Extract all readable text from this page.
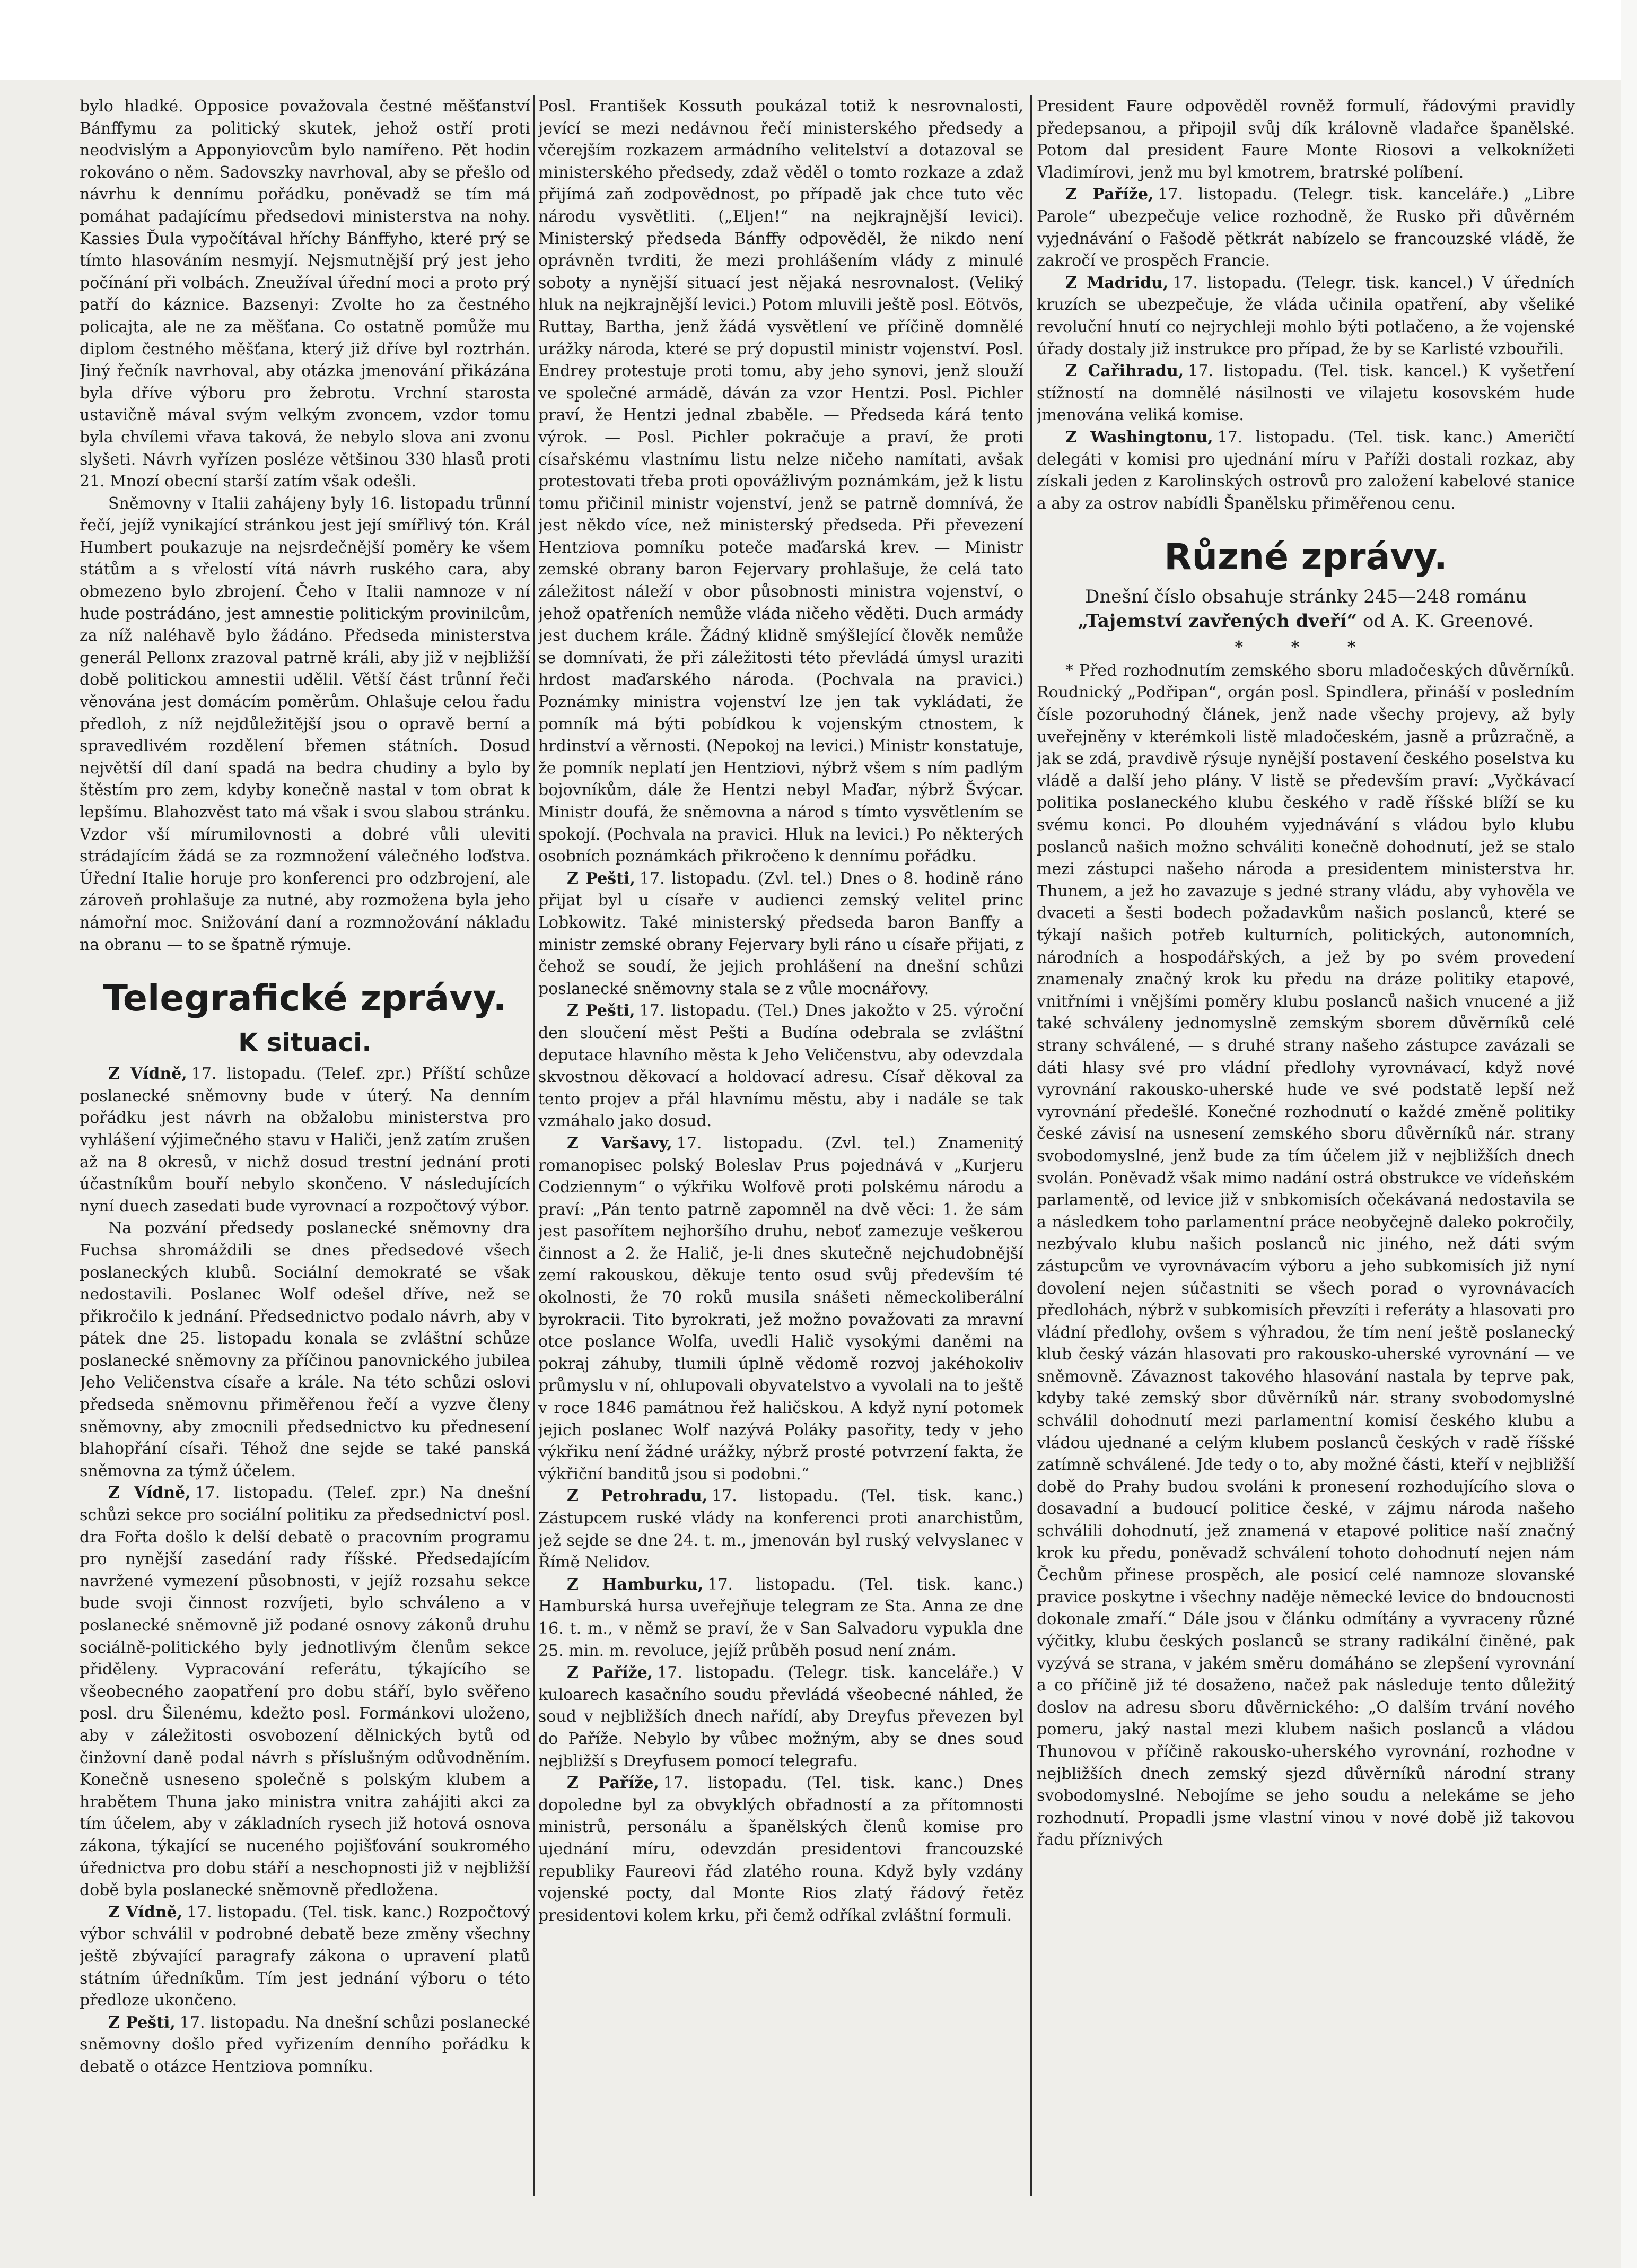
bylo hladké. Opposice považovala čestné měšťanství Bánffymu za politický skutek, jehož ostří proti neodvislým a Apponyiovcům bylo namířeno. Pět hodin rokováno o něm. Sadovszky navrhoval, aby se přešlo od návrhu k dennímu pořádku, poněvadž se tím má pomáhat padajícímu předsedovi ministerstva na nohy. Kassies Ďula vypočítával hříchy Bánffyho, které prý se tímto hlasováním nesmyjí. Nejsmutnější prý jest jeho počínání při volbách. Zneužíval úřední moci a proto prý patří do káznice. Bazsenyi: Zvolte ho za čestného policajta, ale ne za měšťana. Co ostatně pomůže mu diplom čestného měšťana, který již dříve byl roztrhán. Jiný řečník navrhoval, aby otázka jmenování přikázána byla dříve výboru pro žebrotu. Vrchní starosta ustavičně mával svým velkým zvoncem, vzdor tomu byla chvílemi vřava taková, že nebylo slova ani zvonu slyšeti. Návrh vyřízen posléze většinou 330 hlasů proti 21. Mnozí obecní starší zatím však odešli.

Sněmovny v Italii zahájeny byly 16. listopadu trůnní řečí, jejíž vynikající stránkou jest její smířlivý tón. Král Humbert poukazuje na nejsrdečnější poměry ke všem státům a s vřelostí vítá návrh ruského cara, aby obmezeno bylo zbrojení. Čeho v Italii namnoze v ní hude postrádáno, jest amnestie politickým provinilcům, za níž naléhavě bylo žádáno. Předseda ministerstva generál Pellonx zrazoval patrně králi, aby již v nejbližší době politickou amnestii udělil. Větší část trůnní řeči věnována jest domácím poměrům. Ohlašuje celou řadu předloh, z níž nejdůležitější jsou o opravě berní a spravedlivém rozdělení břemen státních. Dosud největší díl daní spadá na bedra chudiny a bylo by štěstím pro zem, kdyby konečně nastal v tom obrat k lepšímu. Blahozvěst tato má však i svou slabou stránku. Vzdor vší mírumilovnosti a dobré vůli uleviti strádajícím žádá se za rozmnožení válečného loďstva. Úřední Italie horuje pro konferenci pro odzbrojení, ale zároveň prohlašuje za nutné, aby rozmožena byla jeho námořní moc. Snižování daní a rozmnožování nákladu na obranu — to se špatně rýmuje.

Telegrafické zprávy.
K situaci.

Z Vídně, 17. listopadu. (Telef. zpr.) Příští schůze poslanecké sněmovny bude v úterý. Na denním pořádku jest návrh na obžalobu ministerstva pro vyhlášení výjimečného stavu v Haliči, jenž zatím zrušen až na 8 okresů, v nichž dosud trestní jednání proti účastníkům bouří nebylo skončeno. V následujících nyní duech zasedati bude vyrovnací a rozpočtový výbor.

Na pozvání předsedy poslanecké sněmovny dra Fuchsa shromáždili se dnes předsedové všech poslaneckých klubů. Sociální demokraté se však nedostavili. Poslanec Wolf odešel dříve, než se přikročilo k jednání. Předsednictvo podalo návrh, aby v pátek dne 25. listopadu konala se zvláštní schůze poslanecké sněmovny za příčinou panovnického jubilea Jeho Veličenstva císaře a krále. Na této schůzi oslovi předseda sněmovnu přiměřenou řečí a vyzve členy sněmovny, aby zmocnili předsednictvo ku přednesení blahopřání císaři. Téhož dne sejde se také panská sněmovna za týmž účelem.

Z Vídně, 17. listopadu. (Telef. zpr.) Na dnešní schůzi sekce pro sociální politiku za předsednictví posl. dra Fořta došlo k delší debatě o pracovním programu pro nynější zasedání rady říšské. Předsedajícím navržené vymezení působnosti, v jejíž rozsahu sekce bude svoji činnost rozvíjeti, bylo schváleno a v poslanecké sněmovně již podané osnovy zákonů druhu sociálně-politického byly jednotlivým členům sekce přiděleny. Vypracování referátu, týkajícího se všeobecného zaopatření pro dobu stáří, bylo svěřeno posl. dru Šilenému, kdežto posl. Formánkovi uloženo, aby v záležitosti osvobození dělnických bytů od činžovní daně podal návrh s příslušným odůvodněním. Konečně usneseno společně s polským klubem a hrabětem Thuna jako ministra vnitra zahájiti akci za tím účelem, aby v základních rysech již hotová osnova zákona, týkající se nuceného pojišťování soukromého úřednictva pro dobu stáří a neschopnosti již v nejbližší době byla poslanecké sněmovně předložena.

Z Vídně, 17. listopadu. (Tel. tisk. kanc.) Rozpočtový výbor schválil v podrobné debatě beze změny všechny ještě zbývající paragrafy zákona o upravení platů státním úředníkům. Tím jest jednání výboru o této předloze ukončeno.

Z Pešti, 17. listopadu. Na dnešní schůzi poslanecké sněmovny došlo před vyřizením denního pořádku k debatě o otázce Hentziova pomníku.

Posl. František Kossuth poukázal totiž k nesrovnalosti, jevící se mezi nedávnou řečí ministerského předsedy a včerejším rozkazem armádního velitelství a dotazoval se ministerského předsedy, zdaž věděl o tomto rozkaze a zdaž přijímá zaň zodpovědnost, po případě jak chce tuto věc národu vysvětliti. („Eljen!“ na nejkrajnější levici). Ministerský předseda Bánffy odpověděl, že nikdo není oprávněn tvrditi, že mezi prohlášením vlády z minulé soboty a nynější situací jest nějaká nesrovnalost. (Veliký hluk na nejkrajnější levici.) Potom mluvili ještě posl. Eötvös, Ruttay, Bartha, jenž žádá vysvětlení ve příčině domnělé urážky národa, které se prý dopustil ministr vojenství. Posl. Endrey protestuje proti tomu, aby jeho synovi, jenž slouží ve společné armádě, dáván za vzor Hentzi. Posl. Pichler praví, že Hentzi jednal zbaběle. — Předseda kárá tento výrok. — Posl. Pichler pokračuje a praví, že proti císařskému vlastnímu listu nelze ničeho namítati, avšak protestovati třeba proti opovážlivým poznámkám, jež k listu tomu přičinil ministr vojenství, jenž se patrně domnívá, že jest někdo více, než ministerský předseda. Při převezení Hentziova pomníku poteče maďarská krev. — Ministr zemské obrany baron Fejervary prohlašuje, že celá tato záležitost náleží v obor působnosti ministra vojenství, o jehož opatřeních nemůže vláda ničeho věděti. Duch armády jest duchem krále. Žádný klidně smýšlející člověk nemůže se domnívati, že při záležitosti této převládá úmysl uraziti hrdost maďarského národa. (Pochvala na pravici.) Poznámky ministra vojenství lze jen tak vykládati, že pomník má býti pobídkou k vojenským ctnostem, k hrdinství a věrnosti. (Nepokoj na levici.) Ministr konstatuje, že pomník neplatí jen Hentziovi, nýbrž všem s ním padlým bojovníkům, dále že Hentzi nebyl Maďar, nýbrž Švýcar. Ministr doufá, že sněmovna a národ s tímto vysvětlením se spokojí. (Pochvala na pravici. Hluk na levici.) Po některých osobních poznámkách přikročeno k dennímu pořádku.

Z Pešti, 17. listopadu. (Zvl. tel.) Dnes o 8. hodině ráno přijat byl u císaře v audienci zemský velitel princ Lobkowitz. Také ministerský předseda baron Banffy a ministr zemské obrany Fejervary byli ráno u císaře přijati, z čehož se soudí, že jejich prohlášení na dnešní schůzi poslanecké sněmovny stala se z vůle mocnářovy.

Z Pešti, 17. listopadu. (Tel.) Dnes jakožto v 25. výroční den sloučení měst Pešti a Budína odebrala se zvláštní deputace hlavního města k Jeho Veličenstvu, aby odevzdala skvostnou děkovací a holdovací adresu. Císař děkoval za tento projev a přál hlavnímu městu, aby i nadále se tak vzmáhalo jako dosud.

Z Varšavy, 17. listopadu. (Zvl. tel.) Znamenitý romanopisec polský Boleslav Prus pojednává v „Kurjeru Codziennym“ o výkřiku Wolfově proti polskému národu a praví: „Pán tento patrně zapomněl na dvě věci: 1. že sám jest pasořítem nejhoršího druhu, neboť zamezuje veškerou činnost a 2. že Halič, je-li dnes skutečně nejchudobnější zemí rakouskou, děkuje tento osud svůj především té okolnosti, že 70 roků musila snášeti německoliberální byrokracii. Tito byrokrati, jež možno považovati za mravní otce poslance Wolfa, uvedli Halič vysokými daněmi na pokraj záhuby, tlumili úplně vědomě rozvoj jakéhokoliv průmyslu v ní, ohlupovali obyvatelstvo a vyvolali na to ještě v roce 1846 památnou řež haličskou. A když nyní potomek jejich poslanec Wolf nazývá Poláky pasořity, tedy v jeho výkřiku není žádné urážky, nýbrž prosté potvrzení fakta, že výkřiční banditů jsou si podobni.“

Z Petrohradu, 17. listopadu. (Tel. tisk. kanc.) Zástupcem ruské vlády na konferenci proti anarchistům, jež sejde se dne 24. t. m., jmenován byl ruský velvyslanec v Římě Nelidov.

Z Hamburku, 17. listopadu. (Tel. tisk. kanc.) Hamburská hursa uveřejňuje telegram ze Sta. Anna ze dne 16. t. m., v němž se praví, že v San Salvadoru vypukla dne 25. min. m. revoluce, jejíž průběh posud není znám.

Z Paříže, 17. listopadu. (Telegr. tisk. kanceláře.) V kuloarech kasačního soudu převládá všeobecné náhled, že soud v nejbližších dnech nařídí, aby Dreyfus převezen byl do Paříže. Nebylo by vůbec možným, aby se dnes soud nejbližší s Dreyfusem pomocí telegrafu.

Z Paříže, 17. listopadu. (Tel. tisk. kanc.) Dnes dopoledne byl za obvyklých obřadností a za přítomnosti ministrů, personálu a španělských členů komise pro ujednání míru, odevzdán presidentovi francouzské republiky Faureovi řád zlatého rouna. Když byly vzdány vojenské pocty, dal Monte Rios zlatý řádový řetěz presidentovi kolem krku, při čemž odříkal zvláštní formuli.

President Faure odpověděl rovněž formulí, řádovými pravidly předepsanou, a připojil svůj dík královně vladařce španělské. Potom dal president Faure Monte Riosovi a velkoknížeti Vladimírovi, jenž mu byl kmotrem, bratrské políbení.

Z Paříže, 17. listopadu. (Telegr. tisk. kanceláře.) „Libre Parole“ ubezpečuje velice rozhodně, že Rusko při důvěrném vyjednávání o Fašodě pětkrát nabízelo se francouzské vládě, že zakročí ve prospěch Francie.

Z Madridu, 17. listopadu. (Telegr. tisk. kancel.) V úředních kruzích se ubezpečuje, že vláda učinila opatření, aby všeliké revoluční hnutí co nejrychleji mohlo býti potlačeno, a že vojenské úřady dostaly již instrukce pro případ, že by se Karlisté vzbouřili.

Z Cařihradu, 17. listopadu. (Tel. tisk. kancel.) K vyšetření stížností na domnělé násilnosti ve vilajetu kosovském hude jmenována veliká komise.

Z Washingtonu, 17. listopadu. (Tel. tisk. kanc.) Američtí delegáti v komisi pro ujednání míru v Paříži dostali rozkaz, aby získali jeden z Karolinských ostrovů pro založení kabelové stanice a aby za ostrov nabídli Španělsku přiměřenou cenu.

Různé zprávy.
Dnešní číslo obsahuje stránky 245—248 románu „Tajemství zavřených dveří“ od A. K. Greenové.
* * *

* Před rozhodnutím zemského sboru mladočeských důvěrníků. Roudnický „Podřipan“, orgán posl. Spindlera, přináší v posledním čísle pozoruhodný článek, jenž nade všechy projevy, až byly uveřejněny v kterémkoli listě mladočeském, jasně a průzračně, a jak se zdá, pravdivě rýsuje nynější postavení českého poselstva ku vládě a další jeho plány. V listě se především praví: „Vyčkávací politika poslaneckého klubu českého v radě říšské blíží se ku svému konci. Po dlouhém vyjednávání s vládou bylo klubu poslanců našich možno schváliti konečně dohodnutí, jež se stalo mezi zástupci našeho národa a presidentem ministerstva hr. Thunem, a jež ho zavazuje s jedné strany vládu, aby vyhověla ve dvaceti a šesti bodech požadavkům našich poslanců, které se týkají našich potřeb kulturních, politických, autonomních, národních a hospodářských, a jež by po svém provedení znamenaly značný krok ku předu na dráze politiky etapové, vnitřními i vnějšími poměry klubu poslanců našich vnucené a již také schváleny jednomyslně zemským sborem důvěrníků celé strany schválené, — s druhé strany našeho zástupce zavázali se dáti hlasy své pro vládní předlohy vyrovnávací, když nové vyrovnání rakousko-uherské hude ve své podstatě lepší než vyrovnání předešlé. Konečné rozhodnutí o každé změně politiky české závisí na usnesení zemského sboru důvěrníků nár. strany svobodomyslné, jenž bude za tím účelem již v nejbližších dnech svolán. Poněvadž však mimo nadání ostrá obstrukce ve vídeňském parlamentě, od levice již v snbkomisích očekávaná nedostavila se a následkem toho parlamentní práce neobyčejně daleko pokročily, nezbývalo klubu našich poslanců nic jiného, než dáti svým zástupcům ve vyrovnávacím výboru a jeho subkomisích již nyní dovolení nejen súčastniti se všech porad o vyrovnávacích předlohách, nýbrž v subkomisích převzíti i referáty a hlasovati pro vládní předlohy, ovšem s výhradou, že tím není ještě poslanecký klub český vázán hlasovati pro rakousko-uherské vyrovnání — ve sněmovně. Závaznost takového hlasování nastala by teprve pak, kdyby také zemský sbor důvěrníků nár. strany svobodomyslné schválil dohodnutí mezi parlamentní komisí českého klubu a vládou ujednané a celým klubem poslanců českých v radě říšské zatímně schválené. Jde tedy o to, aby možné části, kteří v nejbližší době do Prahy budou svoláni k pronesení rozhodujícího slova o dosavadní a budoucí politice české, v zájmu národa našeho schválili dohodnutí, jež znamená v etapové politice naší značný krok ku předu, poněvadž schválení tohoto dohodnutí nejen nám Čechům přinese prospěch, ale posicí celé namnoze slovanské pravice poskytne i všechny naděje německé levice do bndoucnosti dokonale zmaří.“ Dále jsou v článku odmítány a vyvraceny různé výčitky, klubu českých poslanců se strany radikální činěné, pak vyzývá se strana, v jakém směru domáháno se zlepšení vyrovnání a co příčině již té dosaženo, načež pak následuje tento důležitý doslov na adresu sboru důvěrnického: „O dalším trvání nového pomeru, jaký nastal mezi klubem našich poslanců a vládou Thunovou v příčině rakousko-uherského vyrovnání, rozhodne v nejbližších dnech zemský sjezd důvěrníků národní strany svobodomyslné. Nebojíme se jeho soudu a nelekáme se jeho rozhodnutí. Propadli jsme vlastní vinou v nové době již takovou řadu příznivých
